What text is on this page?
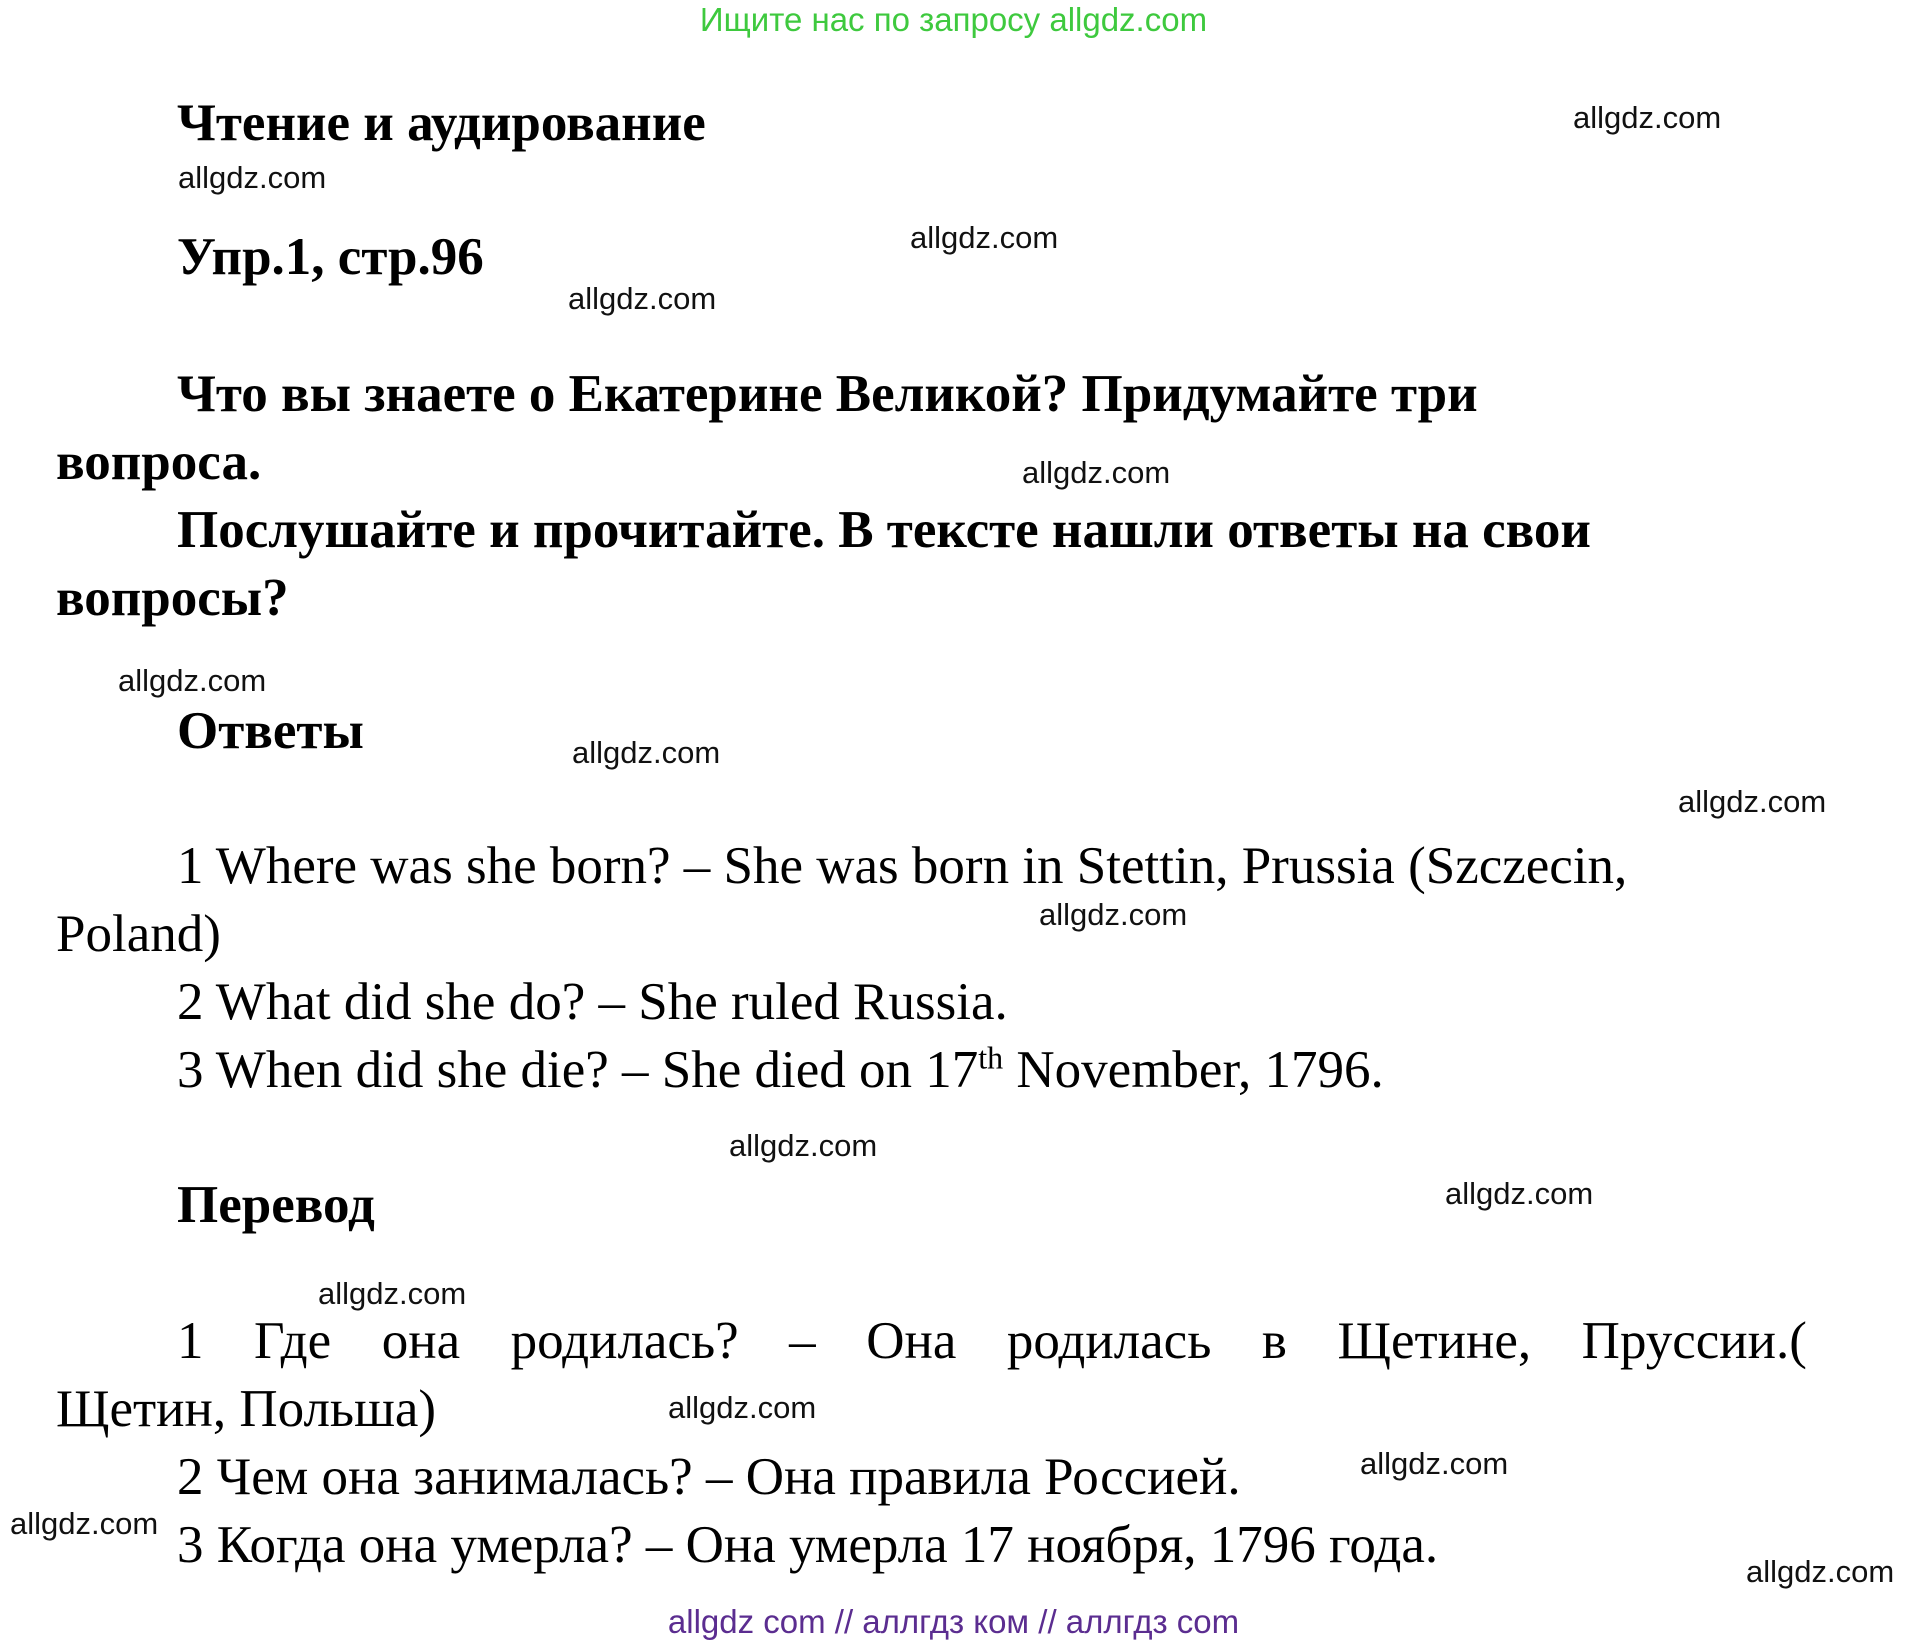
Ищите нас по запросу allgdz.com
Чтение и аудирование
Упр.1, стр.96
Что вы знаете о Екатерине Великой? Придумайте три
вопроса.
Послушайте и прочитайте. В тексте нашли ответы на свои
вопросы?
Ответы
1 Where was she born? – She was born in Stettin, Prussia (Szczecin,
Poland)
2 What did she do? – She ruled Russia.
3 When did she die? – She died on 17th November, 1796.
Перевод
1 Где она родилась? – Она родилась в Щетине, Пруссии.(
Щетин, Польша)
2 Чем она занималась? – Она правила Россией.
3 Когда она умерла? – Она умерла 17 ноября, 1796 года.
allgdz.com
allgdz.com
allgdz.com
allgdz.com
allgdz.com
allgdz.com
allgdz.com
allgdz.com
allgdz.com
allgdz.com
allgdz.com
allgdz.com
allgdz.com
allgdz.com
allgdz.com
allgdz.com
allgdz com // аллгдз ком // аллгдз com
